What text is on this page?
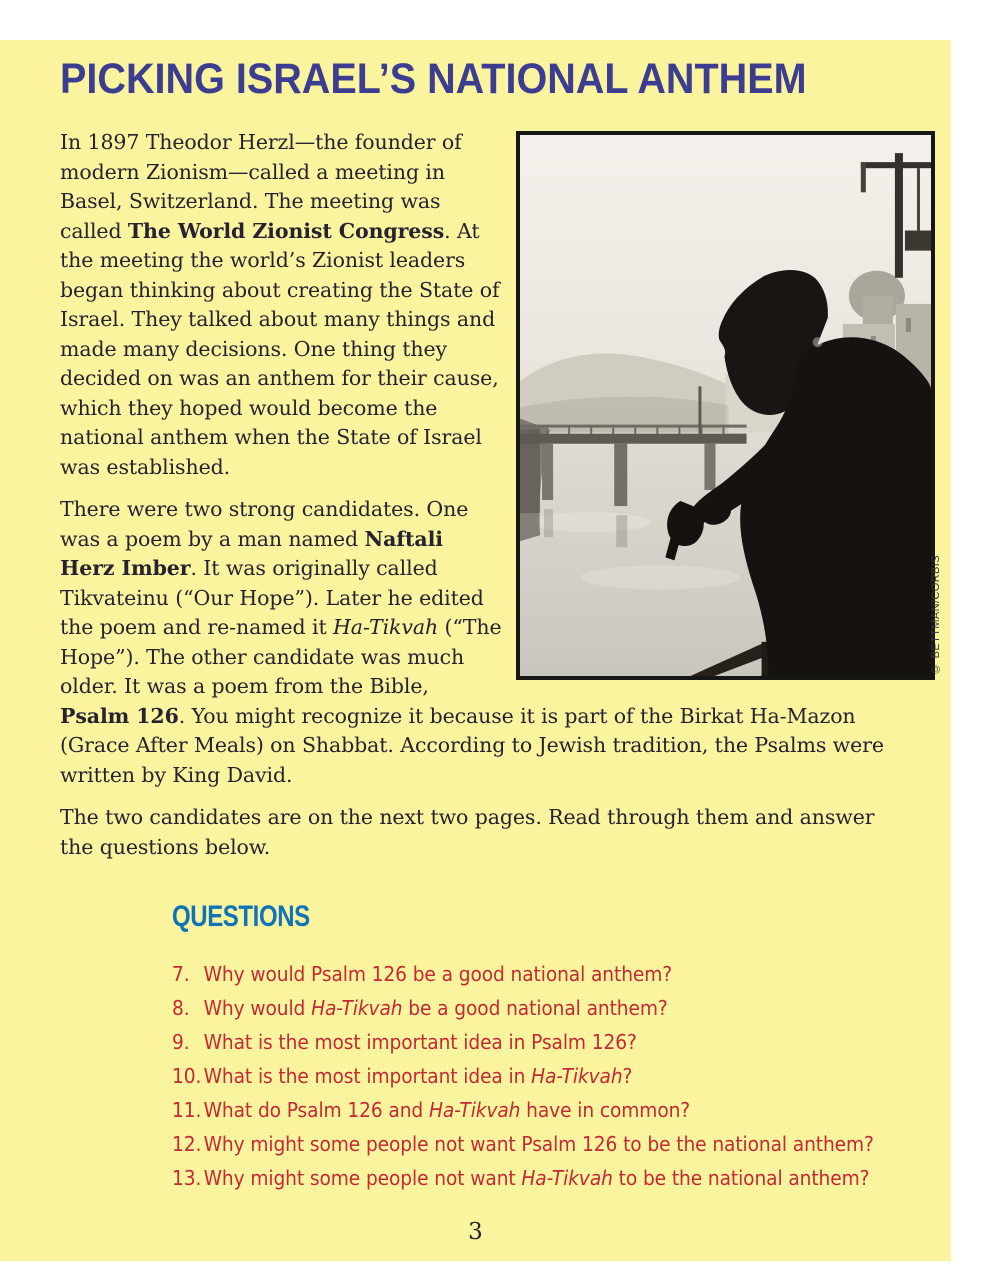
PICKING ISRAEL’S NATIONAL ANTHEM
© BETTMAN/CORBIS

In 1897 Theodor Herzl—the founder of modern Zionism—called a meeting in Basel, Switzerland. The meeting was called The World Zionist Congress. At the meeting the world’s Zionist leaders began thinking about creating the State of Israel. They talked about many things and made many decisions. One thing they decided on was an anthem for their cause, which they hoped would become the national anthem when the State of Israel was established.

There were two strong candidates. One was a poem by a man named Naftali Herz Imber. It was originally called Tikvateinu (“Our Hope”). Later he edited the poem and re-named it Ha-Tikvah (“The Hope”). The other candidate was much older. It was a poem from the Bible, Psalm 126. You might recognize it because it is part of the Birkat Ha-Mazon (Grace After Meals) on Shabbat. According to Jewish tradition, the Psalms were written by King David.

The two candidates are on the next two pages. Read through them and answer the questions below.

QUESTIONS
7. Why would Psalm 126 be a good national anthem?
8. Why would Ha-Tikvah be a good national anthem?
9. What is the most important idea in Psalm 126?
10. What is the most important idea in Ha-Tikvah?
11. What do Psalm 126 and Ha-Tikvah have in common?
12. Why might some people not want Psalm 126 to be the national anthem?
13. Why might some people not want Ha-Tikvah to be the national anthem?
3
